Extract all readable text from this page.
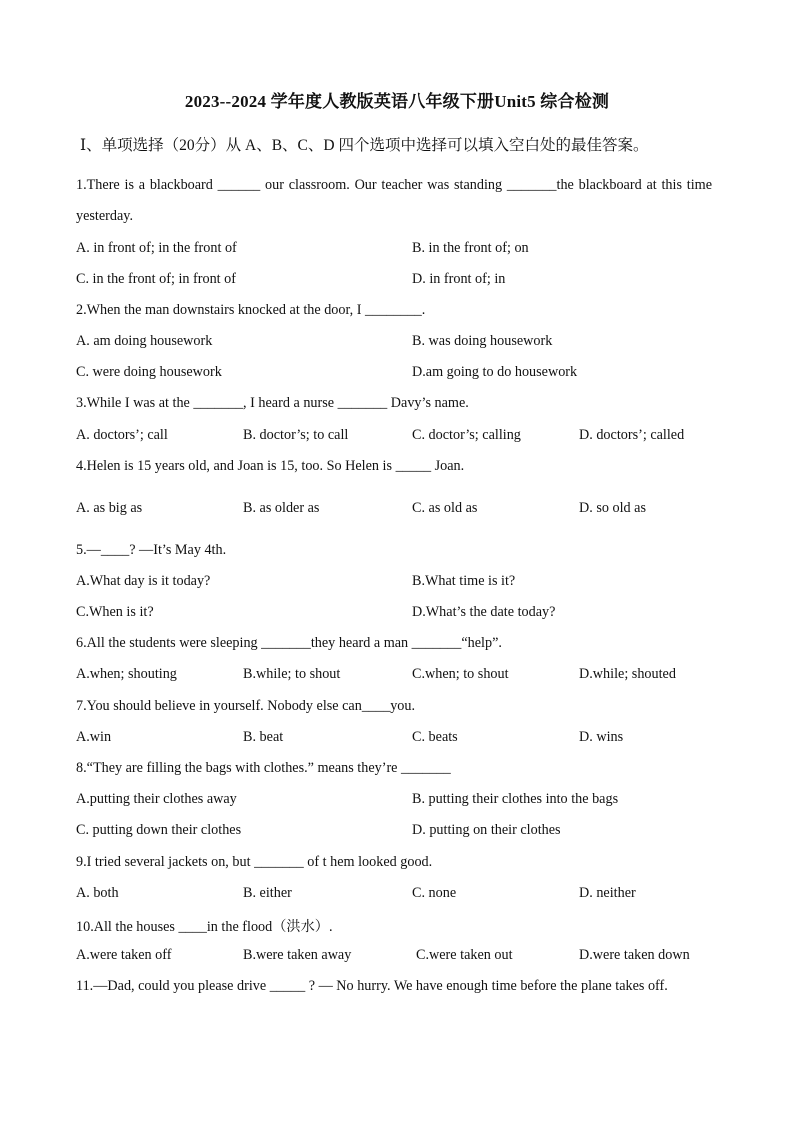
2023--2024 学年度人教版英语八年级下册Unit5 综合检测
Ⅰ、单项选择（20分）从 A、B、C、D 四个选项中选择可以填入空白处的最佳答案。
1.There is a blackboard ______ our classroom. Our teacher was standing _______the blackboard at this time yesterday.
A. in front of; in the front of	B. in the front of; on
C. in the front of; in front of	D. in front of; in
2.When the man downstairs knocked at the door, I ________.
A. am doing housework	B. was doing housework
C. were doing housework	D.am going to do housework
3.While I was at the _______, I heard a nurse _______ Davy’s name.
A. doctors’; call	B. doctor’s; to call	C. doctor’s; calling	D. doctors’; called
4.Helen is 15 years old, and Joan is 15, too. So Helen is _____ Joan.
A. as big as	B. as older as	C. as old as	D. so old as
5.—____? —It’s May 4th.
A.What day is it today?	B.What time is it?
C.When is it?	D.What’s the date today?
6.All the students were sleeping _______they heard a man _______“help”.
A.when; shouting	B.while; to shout	C.when; to shout	D.while; shouted
7.You should believe in yourself. Nobody else can____you.
A.win	B. beat	C. beats	D. wins
8.“They are filling the bags with clothes.” means they’re _______
A.putting their clothes away	B. putting their clothes into the bags
C. putting down their clothes	D. putting on their clothes
9.I tried several jackets on, but _______ of t hem looked good.
A. both	B. either	C. none	D. neither
10.All the houses ____in the flood（洪水）.
A.were taken off	B.were taken away	C.were taken out	D.were taken down
11.—Dad, could you please drive _____ ? — No hurry. We have enough time before the plane takes off.
